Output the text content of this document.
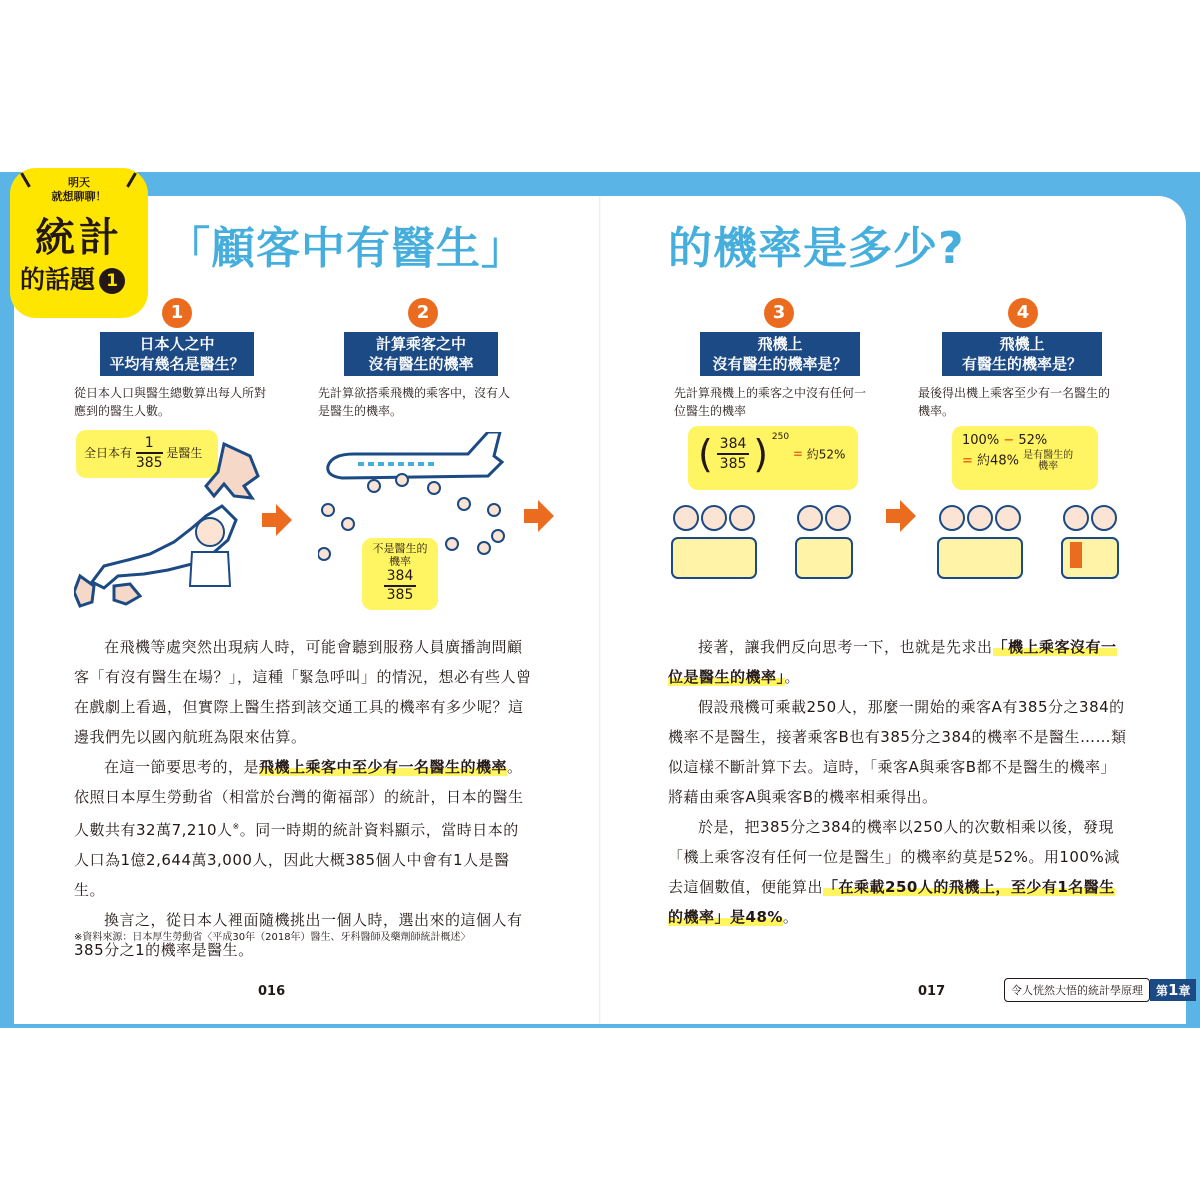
明天
就想聊聊！
統計
的話題 1
「顧客中有醫生」	的機率是多少?
1
日本人之中
平均有幾名是醫生？
從日本人口與醫生總數算出每人所對
應到的醫生人數。
2
計算乘客之中
沒有醫生的機率
先計算欲搭乘飛機的乘客中，沒有人
是醫生的機率。
3
飛機上
沒有醫生的機率是？
先計算飛機上的乘客之中沒有任何一
位醫生的機率
4
飛機上
有醫生的機率是？
最後得出機上乘客至少有一名醫生的
機率。
全日本有 $\frac{1}{385}$ 是醫生
不是醫生的
機率
$\frac{384}{385}$
( $\frac{384}{385}$ ) $^{250}$ = 約52%
100% − 52%
= 約48% 是有醫生的
機率

在飛機等處突然出現病人時，可能會聽到服務人員廣播詢問顧客「有沒有醫生在場？」，這種「緊急呼叫」的情況，想必有些人曾在戲劇上看過，但實際上醫生搭到該交通工具的機率有多少呢？這邊我們先以國內航班為限來估算。

在這一節要思考的，是飛機上乘客中至少有一名醫生的機率。依照日本厚生勞動省（相當於台灣的衛福部）的統計，日本的醫生人數共有32萬7,210人※。同一時期的統計資料顯示，當時日本的人口為1億2,644萬3,000人，因此大概385個人中會有1人是醫生。

換言之，從日本人裡面隨機挑出一個人時，選出來的這個人有385分之1的機率是醫生。

※資料來源：日本厚生勞動省〈平成30年（2018年）醫生、牙科醫師及藥劑師統計概述〉

接著，讓我們反向思考一下，也就是先求出「機上乘客沒有一位是醫生的機率」。

假設飛機可乘載250人，那麼一開始的乘客A有385分之384的機率不是醫生，接著乘客B也有385分之384的機率不是醫生……類似這樣不斷計算下去。這時，「乘客A與乘客B都不是醫生的機率」將藉由乘客A與乘客B的機率相乘得出。

於是，把385分之384的機率以250人的次數相乘以後，發現「機上乘客沒有任何一位是醫生」的機率約莫是52%。用100%減去這個數值，便能算出「在乘載250人的飛機上，至少有1名醫生的機率」是48%。

016	017	令人恍然大悟的統計學原理 第1章
